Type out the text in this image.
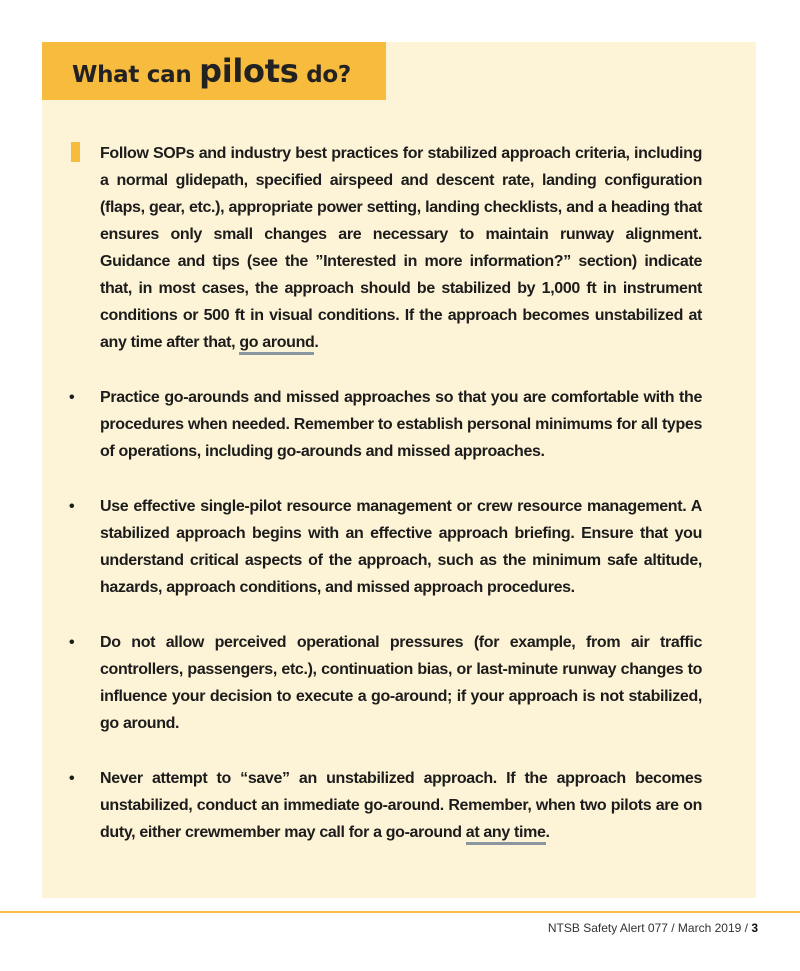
What can pilots do?
Follow SOPs and industry best practices for stabilized approach criteria, including a normal glidepath, specified airspeed and descent rate, landing configuration (flaps, gear, etc.), appropriate power setting, landing checklists, and a heading that ensures only small changes are necessary to maintain runway alignment. Guidance and tips (see the ”Interested in more information?” section) indicate that, in most cases, the approach should be stabilized by 1,000 ft in instrument conditions or 500 ft in visual conditions. If the approach becomes unstabilized at any time after that, go around.
• Practice go-arounds and missed approaches so that you are comfortable with the procedures when needed. Remember to establish personal minimums for all types of operations, including go-arounds and missed approaches.
• Use effective single-pilot resource management or crew resource management. A stabilized approach begins with an effective approach briefing. Ensure that you understand critical aspects of the approach, such as the minimum safe altitude, hazards, approach conditions, and missed approach procedures.
• Do not allow perceived operational pressures (for example, from air traffic controllers, passengers, etc.), continuation bias, or last-minute runway changes to influence your decision to execute a go-around; if your approach is not stabilized, go around.
• Never attempt to “save” an unstabilized approach. If the approach becomes unstabilized, conduct an immediate go-around. Remember, when two pilots are on duty, either crewmember may call for a go-around at any time.

NTSB Safety Alert 077 / March 2019 / 3
